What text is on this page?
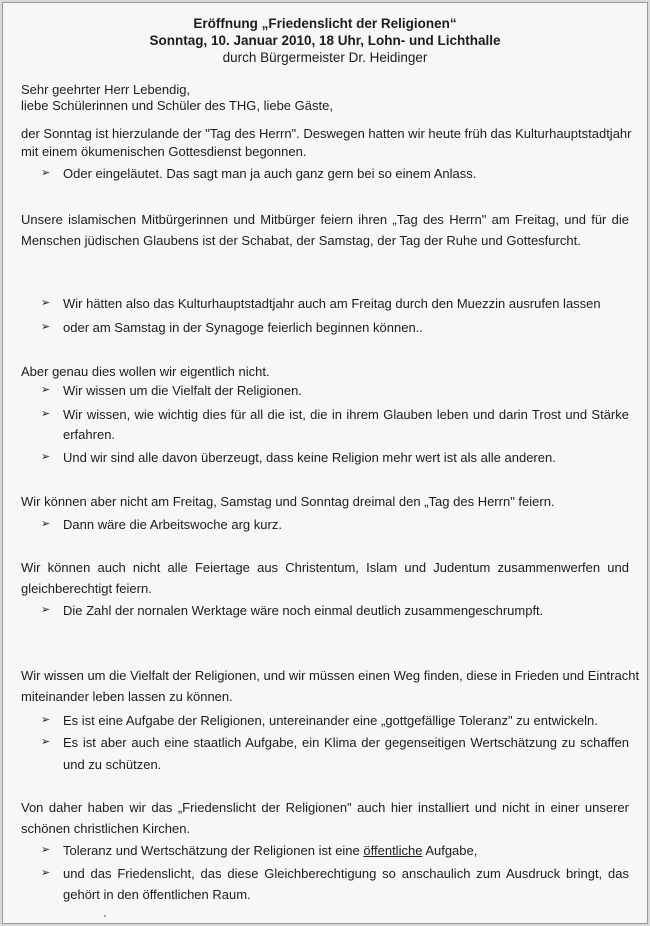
Eröffnung „Friedenslicht der Religionen“
Sonntag, 10. Januar 2010, 18 Uhr, Lohn- und Lichthalle
durch Bürgermeister Dr. Heidinger
Sehr geehrter Herr Lebendig,
liebe Schülerinnen und Schüler des THG, liebe Gäste,
der Sonntag ist hierzulande der "Tag des Herrn". Deswegen hatten wir heute früh das Kulturhauptstadtjahr
mit einem ökumenischen Gottesdienst begonnen.
➢ Oder eingeläutet. Das sagt man ja auch ganz gern bei so einem Anlass.
Unsere islamischen Mitbürgerinnen und Mitbürger feiern ihren „Tag des Herrn" am Freitag, und für die
Menschen jüdischen Glaubens ist der Schabat, der Samstag, der Tag der Ruhe und Gottesfurcht.
➢ Wir hätten also das Kulturhauptstadtjahr auch am Freitag durch den Muezzin ausrufen lassen
➢ oder am Samstag in der Synagoge feierlich beginnen können..
Aber genau dies wollen wir eigentlich nicht.
➢ Wir wissen um die Vielfalt der Religionen.
➢ Wir wissen, wie wichtig dies für all die ist, die in ihrem Glauben leben und darin Trost und Stärke
erfahren.
➢ Und wir sind alle davon überzeugt, dass keine Religion mehr wert ist als alle anderen.
Wir können aber nicht am Freitag, Samstag und Sonntag dreimal den „Tag des Herrn" feiern.
➢ Dann wäre die Arbeitswoche arg kurz.
Wir können auch nicht alle Feiertage aus Christentum, Islam und Judentum zusammenwerfen und
gleichberechtigt feiern.
➢ Die Zahl der nornalen Werktage wäre noch einmal deutlich zusammengeschrumpft.
Wir wissen um die Vielfalt der Religionen, und wir müssen einen Weg finden, diese in Frieden und Eintracht
miteinander leben lassen zu können.
➢ Es ist eine Aufgabe der Religionen, untereinander eine „gottgefällige Toleranz" zu entwickeln.
➢ Es ist aber auch eine staatlich Aufgabe, ein Klima der gegenseitigen Wertschätzung zu schaffen
und zu schützen.
Von daher haben wir das „Friedenslicht der Religionen" auch hier installiert und nicht in einer unserer
schönen christlichen Kirchen.
➢ Toleranz und Wertschätzung der Religionen ist eine öffentliche Aufgabe,
➢ und das Friedenslicht, das diese Gleichberechtigung so anschaulich zum Ausdruck bringt, das
gehört in den öffentlichen Raum.
